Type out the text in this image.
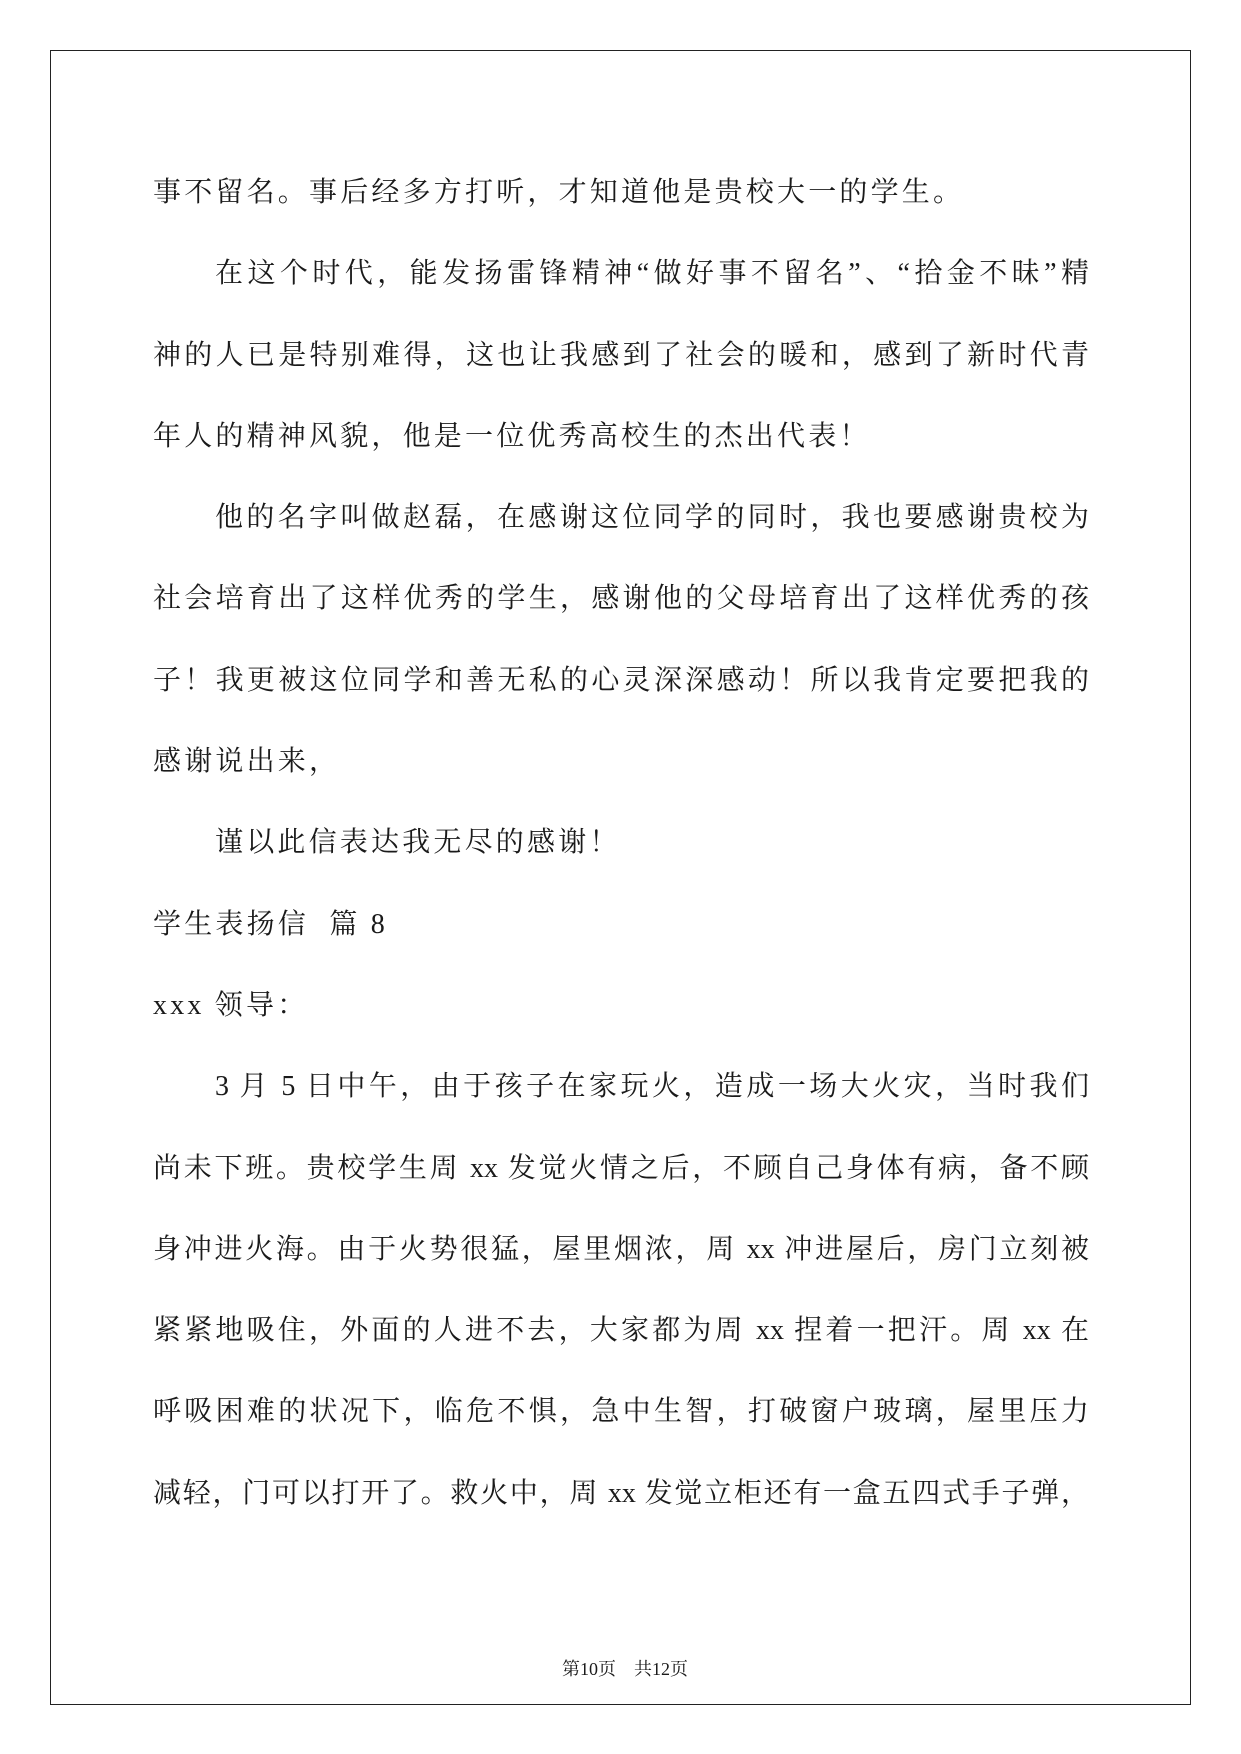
事不留名。事后经多方打听，才知道他是贵校大一的学生。
在这个时代，能发扬雷锋精神“做好事不留名”、“拾金不昧”精
神的人已是特别难得，这也让我感到了社会的暖和，感到了新时代青
年人的精神风貌，他是一位优秀高校生的杰出代表！
他的名字叫做赵磊，在感谢这位同学的同时，我也要感谢贵校为
社会培育出了这样优秀的学生，感谢他的父母培育出了这样优秀的孩
子！我更被这位同学和善无私的心灵深深感动！所以我肯定要把我的
感谢说出来，
谨以此信表达我无尽的感谢！
学生表扬信  篇 8
xxx 领导：
3 月 5 日中午，由于孩子在家玩火，造成一场大火灾，当时我们
尚未下班。贵校学生周 xx 发觉火情之后，不顾自己身体有病，备不顾
身冲进火海。由于火势很猛，屋里烟浓，周 xx 冲进屋后，房门立刻被
紧紧地吸住，外面的人进不去，大家都为周 xx 捏着一把汗。周 xx 在
呼吸困难的状况下，临危不惧，急中生智，打破窗户玻璃，屋里压力
减轻，门可以打开了。救火中，周 xx 发觉立柜还有一盒五四式手子弹，

第10页 共12页
